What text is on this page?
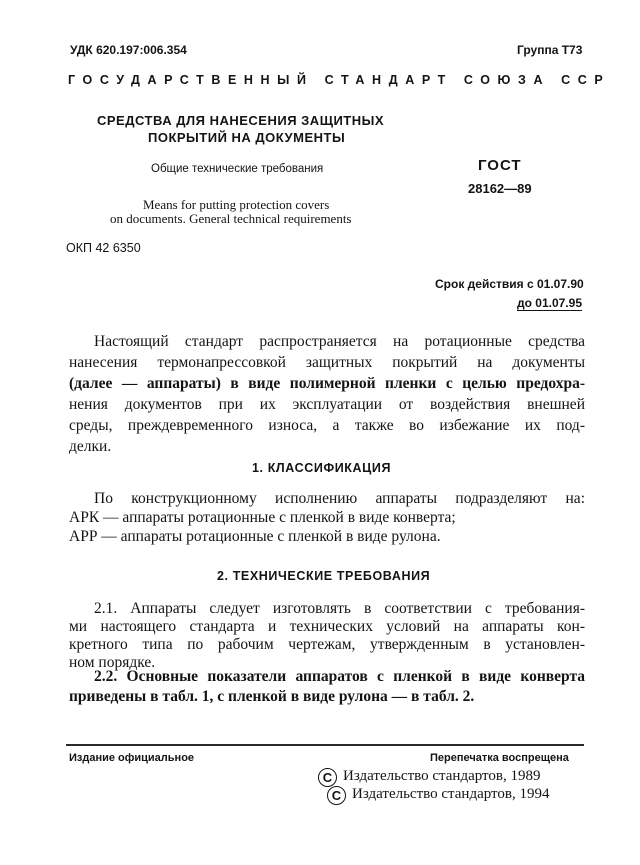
УДК 620.197:006.354	Группа Т73
ГОСУДАРСТВЕННЫЙ СТАНДАРТ СОЮЗА ССР
СРЕДСТВА ДЛЯ НАНЕСЕНИЯ ЗАЩИТНЫХ
ПОКРЫТИЙ НА ДОКУМЕНТЫ
Общие технические требования
Means for putting protection covers
on documents. General technical requirements
ГОСТ
28162—89
ОКП 42 6350
Срок действия с 01.07.90
до 01.07.95
Настоящий стандарт распространяется на ротационные средства
нанесения термонапрессовкой защитных покрытий на документы
(далее — аппараты) в виде полимерной пленки с целью предохра-
нения документов при их эксплуатации от воздействия внешней
среды, преждевременного износа, а также во избежание их под-
делки.
1. КЛАССИФИКАЦИЯ
По конструкционному исполнению аппараты подразделяют на:
АРК — аппараты ротационные с пленкой в виде конверта;
АРР — аппараты ротационные с пленкой в виде рулона.
2. ТЕХНИЧЕСКИЕ ТРЕБОВАНИЯ
2.1. Аппараты следует изготовлять в соответствии с требования-
ми настоящего стандарта и технических условий на аппараты кон-
кретного типа по рабочим чертежам, утвержденным в установлен-
ном порядке.
2.2. Основные показатели аппаратов с пленкой в виде конверта
приведены в табл. 1, с пленкой в виде рулона — в табл. 2.
Издание официальное	Перепечатка воспрещена
С Издательство стандартов, 1989
С Издательство стандартов, 1994
